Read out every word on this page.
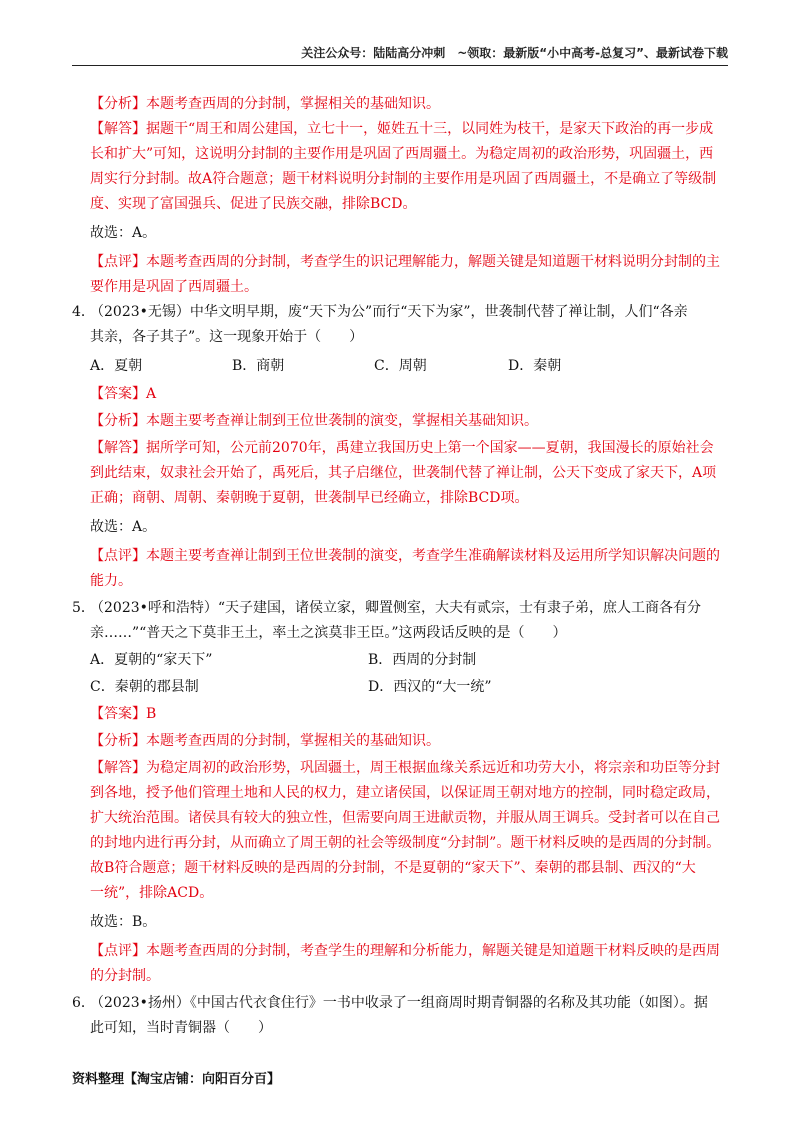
关注公众号：陆陆高分冲刺　~领取：最新版“小中高考-总复习”、最新试卷下载
【分析】本题考查西周的分封制，掌握相关的基础知识。
【解答】据题干“周王和周公建国，立七十一，姬姓五十三，以同姓为枝干，是家天下政治的再一步成
长和扩大”可知，这说明分封制的主要作用是巩固了西周疆土。为稳定周初的政治形势，巩固疆土，西
周实行分封制。故A符合题意；题干材料说明分封制的主要作用是巩固了西周疆土，不是确立了等级制
度、实现了富国强兵、促进了民族交融，排除BCD。
故选：A。
【点评】本题考查西周的分封制，考查学生的识记理解能力，解题关键是知道题干材料说明分封制的主
要作用是巩固了西周疆土。
4．
（2023•无锡）中华文明早期，废“天下为公”而行“天下为家”，世袭制代替了禅让制，人们“各亲
其亲，各子其子”。这一现象开始于（　　）
A．夏朝	B．商朝	C．周朝	D．秦朝
【答案】A
【分析】本题主要考查禅让制到王位世袭制的演变，掌握相关基础知识。
【解答】据所学可知，公元前2070年，禹建立我国历史上第一个国家——夏朝，我国漫长的原始社会
到此结束，奴隶社会开始了，禹死后，其子启继位，世袭制代替了禅让制，公天下变成了家天下，A项
正确；商朝、周朝、秦朝晚于夏朝，世袭制早已经确立，排除BCD项。
故选：A。
【点评】本题主要考查禅让制到王位世袭制的演变，考查学生准确解读材料及运用所学知识解决问题的
能力。
5．
（2023•呼和浩特）“天子建国，诸侯立家，卿置侧室，大夫有贰宗，士有隶子弟，庶人工商各有分
亲……”“普天之下莫非王土，率土之滨莫非王臣。”这两段话反映的是（　　）
A．夏朝的“家天下”	B．西周的分封制
C．秦朝的郡县制	D．西汉的“大一统”
【答案】B
【分析】本题考查西周的分封制，掌握相关的基础知识。
【解答】为稳定周初的政治形势，巩固疆土，周王根据血缘关系远近和功劳大小，将宗亲和功臣等分封
到各地，授予他们管理土地和人民的权力，建立诸侯国，以保证周王朝对地方的控制，同时稳定政局，
扩大统治范围。诸侯具有较大的独立性，但需要向周王进献贡物，并服从周王调兵。受封者可以在自己
的封地内进行再分封，从而确立了周王朝的社会等级制度“分封制”。题干材料反映的是西周的分封制。
故B符合题意；题干材料反映的是西周的分封制，不是夏朝的“家天下”、秦朝的郡县制、西汉的“大
一统”，排除ACD。
故选：B。
【点评】本题考查西周的分封制，考查学生的理解和分析能力，解题关键是知道题干材料反映的是西周
的分封制。
6．
（2023•扬州）《中国古代衣食住行》一书中收录了一组商周时期青铜器的名称及其功能（如图）。据
此可知，当时青铜器（　　）
资料整理【淘宝店铺：向阳百分百】
